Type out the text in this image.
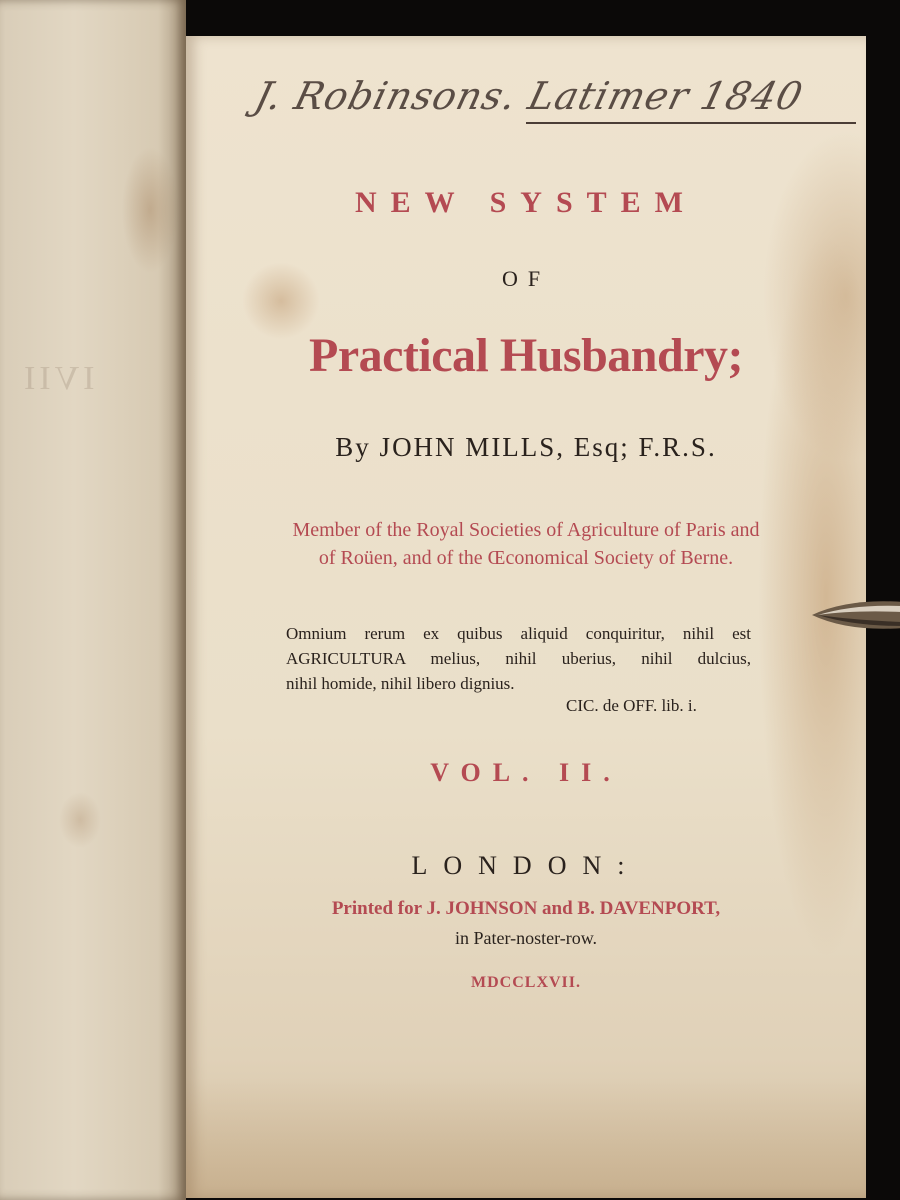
IVII
J. Robinsons. Latimer 1840
NEW SYSTEM
OF
Practical Husbandry;
By JOHN MILLS, Esq; F.R.S.
Member of the Royal Societies of Agriculture of Paris and
of Roüen, and of the Œconomical Society of Berne.
Omnium rerum ex quibus aliquid conquiritur, nihil est
AGRICULTURA melius, nihil uberius, nihil dulcius,
nihil homide, nihil libero dignius.
CIC. de OFF. lib. i.
VOL. II.
LONDON:
Printed for J. JOHNSON and B. DAVENPORT,
in Pater-noster-row.
MDCCLXVII.
